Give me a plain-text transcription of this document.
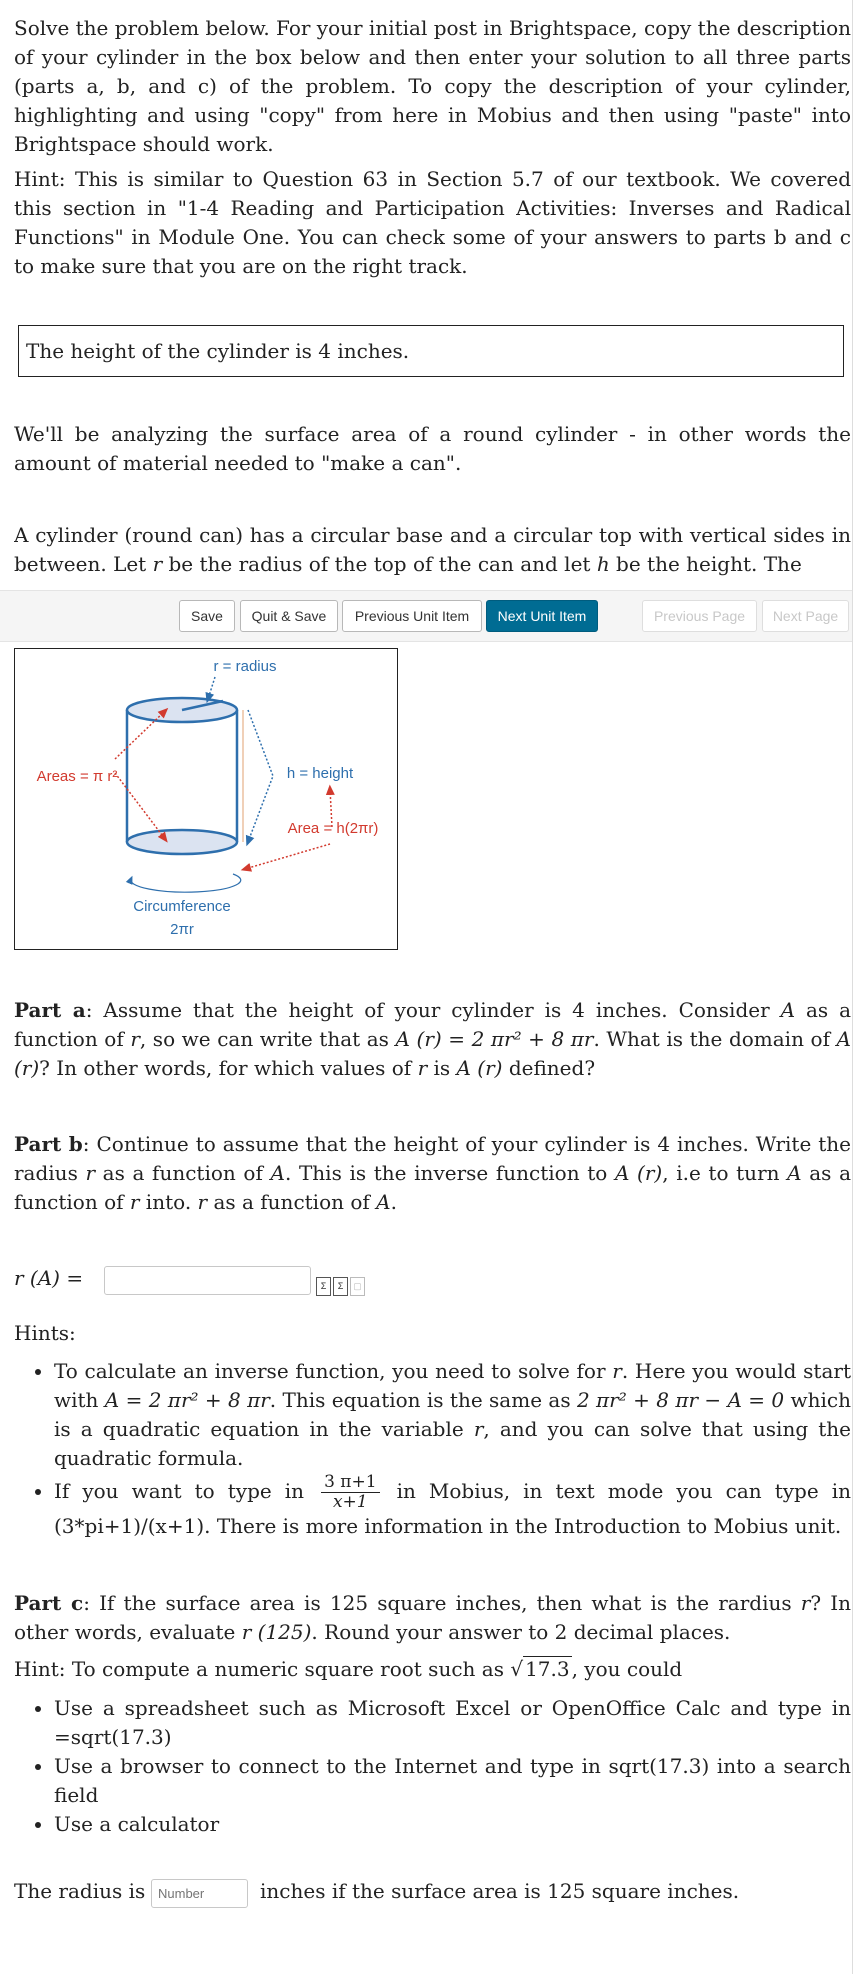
Solve the problem below. For your initial post in Brightspace, copy the description of your cylinder in the box below and then enter your solution to all three parts (parts a, b, and c) of the problem. To copy the description of your cylinder, highlighting and using "copy" from here in Mobius and then using "paste" into Brightspace should work.

Hint: This is similar to Question 63 in Section 5.7 of our textbook. We covered this section in "1-4 Reading and Participation Activities: Inverses and Radical Functions" in Module One. You can check some of your answers to parts b and c to make sure that you are on the right track.

The height of the cylinder is 4 inches.

We'll be analyzing the surface area of a round cylinder - in other words the amount of material needed to "make a can".

A cylinder (round can) has a circular base and a circular top with vertical sides in between. Let r be the radius of the top of the can and let h be the height. The

Save	Quit & Save	Previous Unit Item	Next Unit Item	Previous Page	Next Page
r = radius
Areas = π r²	h = height
Area = h(2πr)
Circumference
2πr

Part a: Assume that the height of your cylinder is 4 inches. Consider A as a function of r, so we can write that as A (r) = 2 πr² + 8 πr. What is the domain of A (r)? In other words, for which values of r is A (r) defined?

Part b: Continue to assume that the height of your cylinder is 4 inches. Write the radius r as a function of A. This is the inverse function to A (r), i.e to turn A as a function of r into. r as a function of A.

r (A) =	Σ Σ ▢

Hints:

• To calculate an inverse function, you need to solve for r. Here you would start with A = 2 πr² + 8 πr. This equation is the same as 2 πr² + 8 πr − A = 0 which is a quadratic equation in the variable r, and you can solve that using the quadratic formula.
• If you want to type in $\frac{3 \pi+1}{x+1}$ in Mobius, in text mode you can type in (3*pi+1)/(x+1). There is more information in the Introduction to Mobius unit.

Part c: If the surface area is 125 square inches, then what is the rardius r? In other words, evaluate r (125). Round your answer to 2 decimal places.

Hint: To compute a numeric square root such as √ 17.3 , you could

• Use a spreadsheet such as Microsoft Excel or OpenOffice Calc and type in =sqrt(17.3)
• Use a browser to connect to the Internet and type in sqrt(17.3) into a search field
• Use a calculator
The radius is
Number	inches if the surface area is 125 square inches.
